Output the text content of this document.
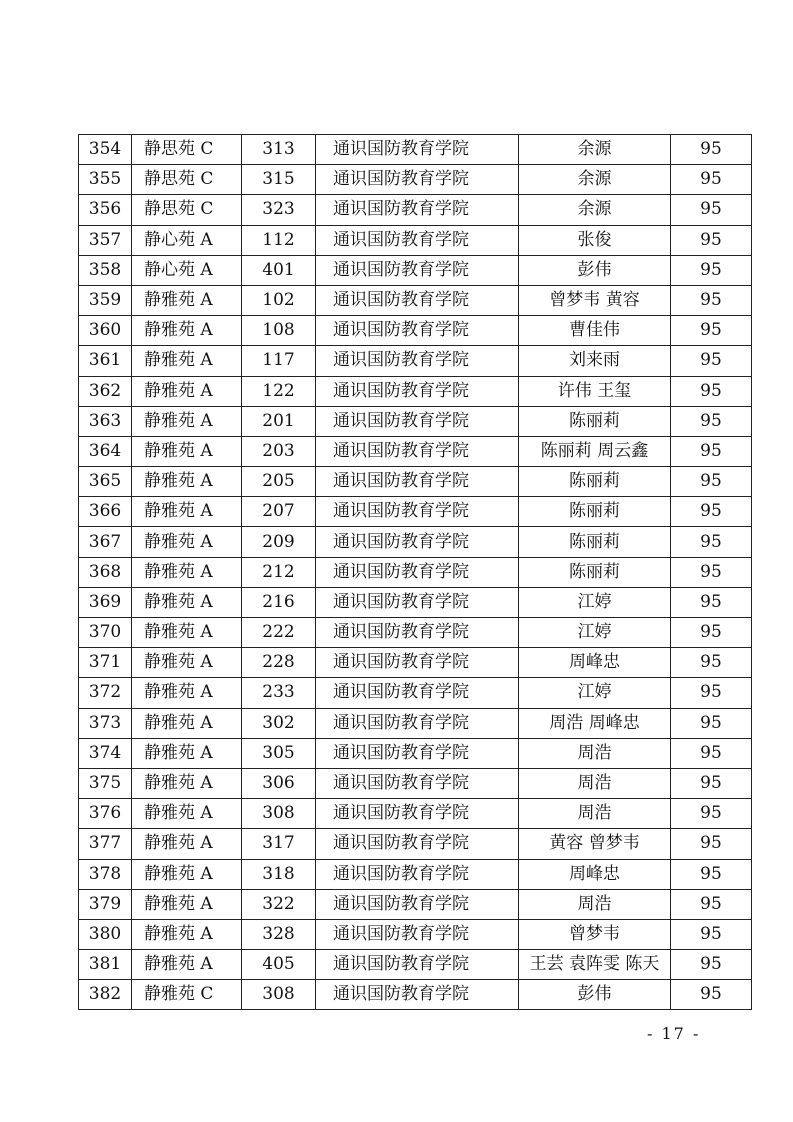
354	静思苑 C	313	通识国防教育学院	余源	95
355	静思苑 C	315	通识国防教育学院	余源	95
356	静思苑 C	323	通识国防教育学院	余源	95
357	静心苑 A	112	通识国防教育学院	张俊	95
358	静心苑 A	401	通识国防教育学院	彭伟	95
359	静雅苑 A	102	通识国防教育学院	曾梦韦 黄容	95
360	静雅苑 A	108	通识国防教育学院	曹佳伟	95
361	静雅苑 A	117	通识国防教育学院	刘来雨	95
362	静雅苑 A	122	通识国防教育学院	许伟 王玺	95
363	静雅苑 A	201	通识国防教育学院	陈丽莉	95
364	静雅苑 A	203	通识国防教育学院	陈丽莉 周云鑫	95
365	静雅苑 A	205	通识国防教育学院	陈丽莉	95
366	静雅苑 A	207	通识国防教育学院	陈丽莉	95
367	静雅苑 A	209	通识国防教育学院	陈丽莉	95
368	静雅苑 A	212	通识国防教育学院	陈丽莉	95
369	静雅苑 A	216	通识国防教育学院	江婷	95
370	静雅苑 A	222	通识国防教育学院	江婷	95
371	静雅苑 A	228	通识国防教育学院	周峰忠	95
372	静雅苑 A	233	通识国防教育学院	江婷	95
373	静雅苑 A	302	通识国防教育学院	周浩 周峰忠	95
374	静雅苑 A	305	通识国防教育学院	周浩	95
375	静雅苑 A	306	通识国防教育学院	周浩	95
376	静雅苑 A	308	通识国防教育学院	周浩	95
377	静雅苑 A	317	通识国防教育学院	黄容 曾梦韦	95
378	静雅苑 A	318	通识国防教育学院	周峰忠	95
379	静雅苑 A	322	通识国防教育学院	周浩	95
380	静雅苑 A	328	通识国防教育学院	曾梦韦	95
381	静雅苑 A	405	通识国防教育学院	王芸 袁阵雯 陈天	95
382	静雅苑 C	308	通识国防教育学院	彭伟	95
- 17 -
